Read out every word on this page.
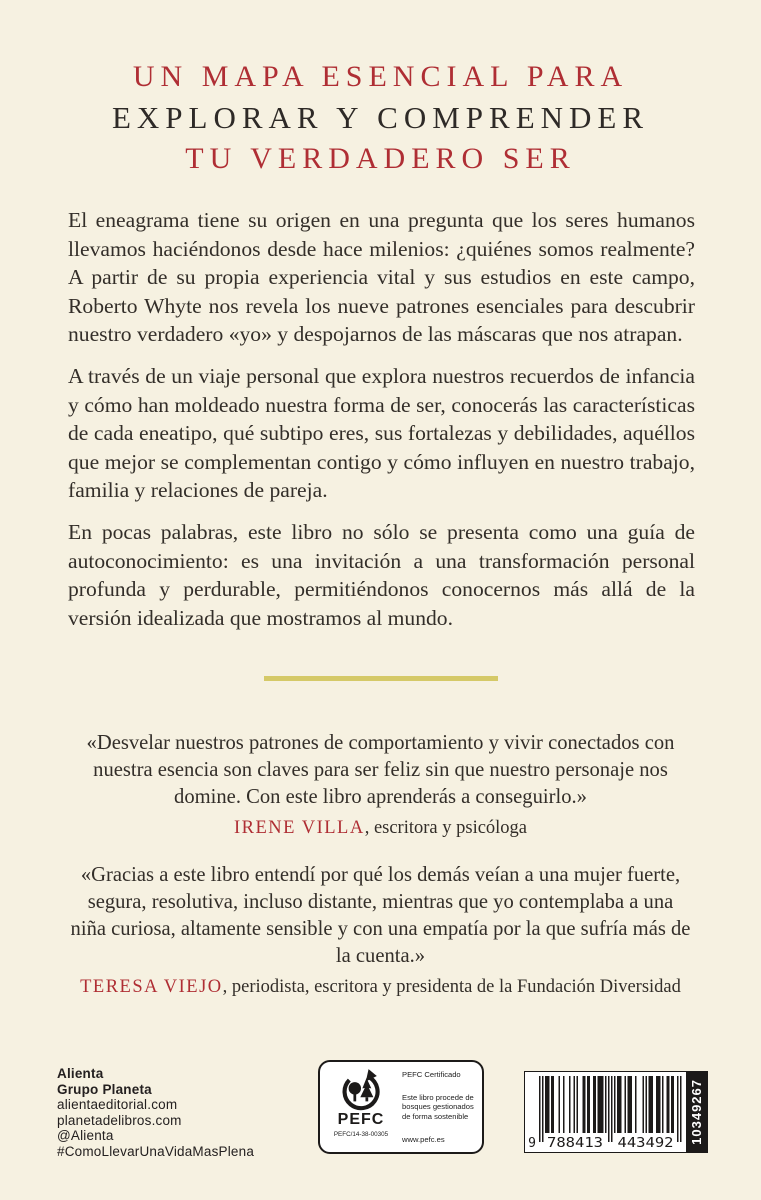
UN MAPA ESENCIAL PARA
EXPLORAR Y COMPRENDER
TU VERDADERO SER

El eneagrama tiene su origen en una pregunta que los seres humanos llevamos haciéndonos desde hace milenios: ¿quiénes somos realmente? A partir de su propia experiencia vital y sus estudios en este campo, Roberto Whyte nos revela los nueve patrones esenciales para descubrir nuestro verdadero «yo» y despojarnos de las máscaras que nos atrapan.

A través de un viaje personal que explora nuestros recuerdos de infancia y cómo han moldeado nuestra forma de ser, conocerás las características de cada eneatipo, qué subtipo eres, sus fortalezas y debilidades, aquéllos que mejor se complementan contigo y cómo influyen en nuestro trabajo, familia y relaciones de pareja.

En pocas palabras, este libro no sólo se presenta como una guía de autoconocimiento: es una invitación a una transformación personal profunda y perdurable, permitiéndonos conocernos más allá de la versión idealizada que mostramos al mundo.

«Desvelar nuestros patrones de comportamiento y vivir conectados con nuestra esencia son claves para ser feliz sin que nuestro personaje nos domine. Con este libro aprenderás a conseguirlo.»

IRENE VILLA, escritora y psicóloga

«Gracias a este libro entendí por qué los demás veían a una mujer fuerte, segura, resolutiva, incluso distante, mientras que yo contemplaba a una niña curiosa, altamente sensible y con una empatía por la que sufría más de la cuenta.»

TERESA VIEJO, periodista, escritora y presidenta de la Fundación Diversidad

Alienta
Grupo Planeta
alientaeditorial.com
planetadelibros.com
@Alienta
#ComoLlevarUnaVidaMasPlena
PEFC
PEFC/14-38-00305
PEFC Certificado
Este libro procede de bosques gestionados de forma sostenible
www.pefc.es	9 788413 443492 10349267
